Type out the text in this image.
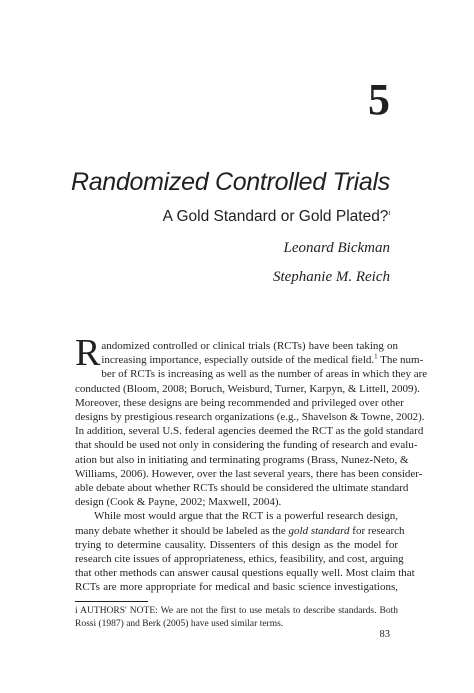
5
Randomized Controlled Trials
A Gold Standard or Gold Plated?$^i$
Leonard Bickman
Stephanie M. Reich
R andomized controlled or clinical trials (RCTs) have been taking on
increasing importance, especially outside of the medical field.$^1$ The num-
ber of RCTs is increasing as well as the number of areas in which they are
conducted (Bloom, 2008; Boruch, Weisburd, Turner, Karpyn, & Littell, 2009).
Moreover, these designs are being recommended and privileged over other
designs by prestigious research organizations (e.g., Shavelson & Towne, 2002).
In addition, several U.S. federal agencies deemed the RCT as the gold standard
that should be used not only in considering the funding of research and evalu-
ation but also in initiating and terminating programs (Brass, Nunez-Neto, &
Williams, 2006). However, over the last several years, there has been consider-
able debate about whether RCTs should be considered the ultimate standard
design (Cook & Payne, 2002; Maxwell, 2004).
While most would argue that the RCT is a powerful research design,
many debate whether it should be labeled as the gold standard for research
trying to determine causality. Dissenters of this design as the model for
research cite issues of appropriateness, ethics, feasibility, and cost, arguing
that other methods can answer causal questions equally well. Most claim that
RCTs are more appropriate for medical and basic science investigations,
i AUTHORS' NOTE: We are not the first to use metals to describe standards. Both
Rossi (1987) and Berk (2005) have used similar terms.
83
